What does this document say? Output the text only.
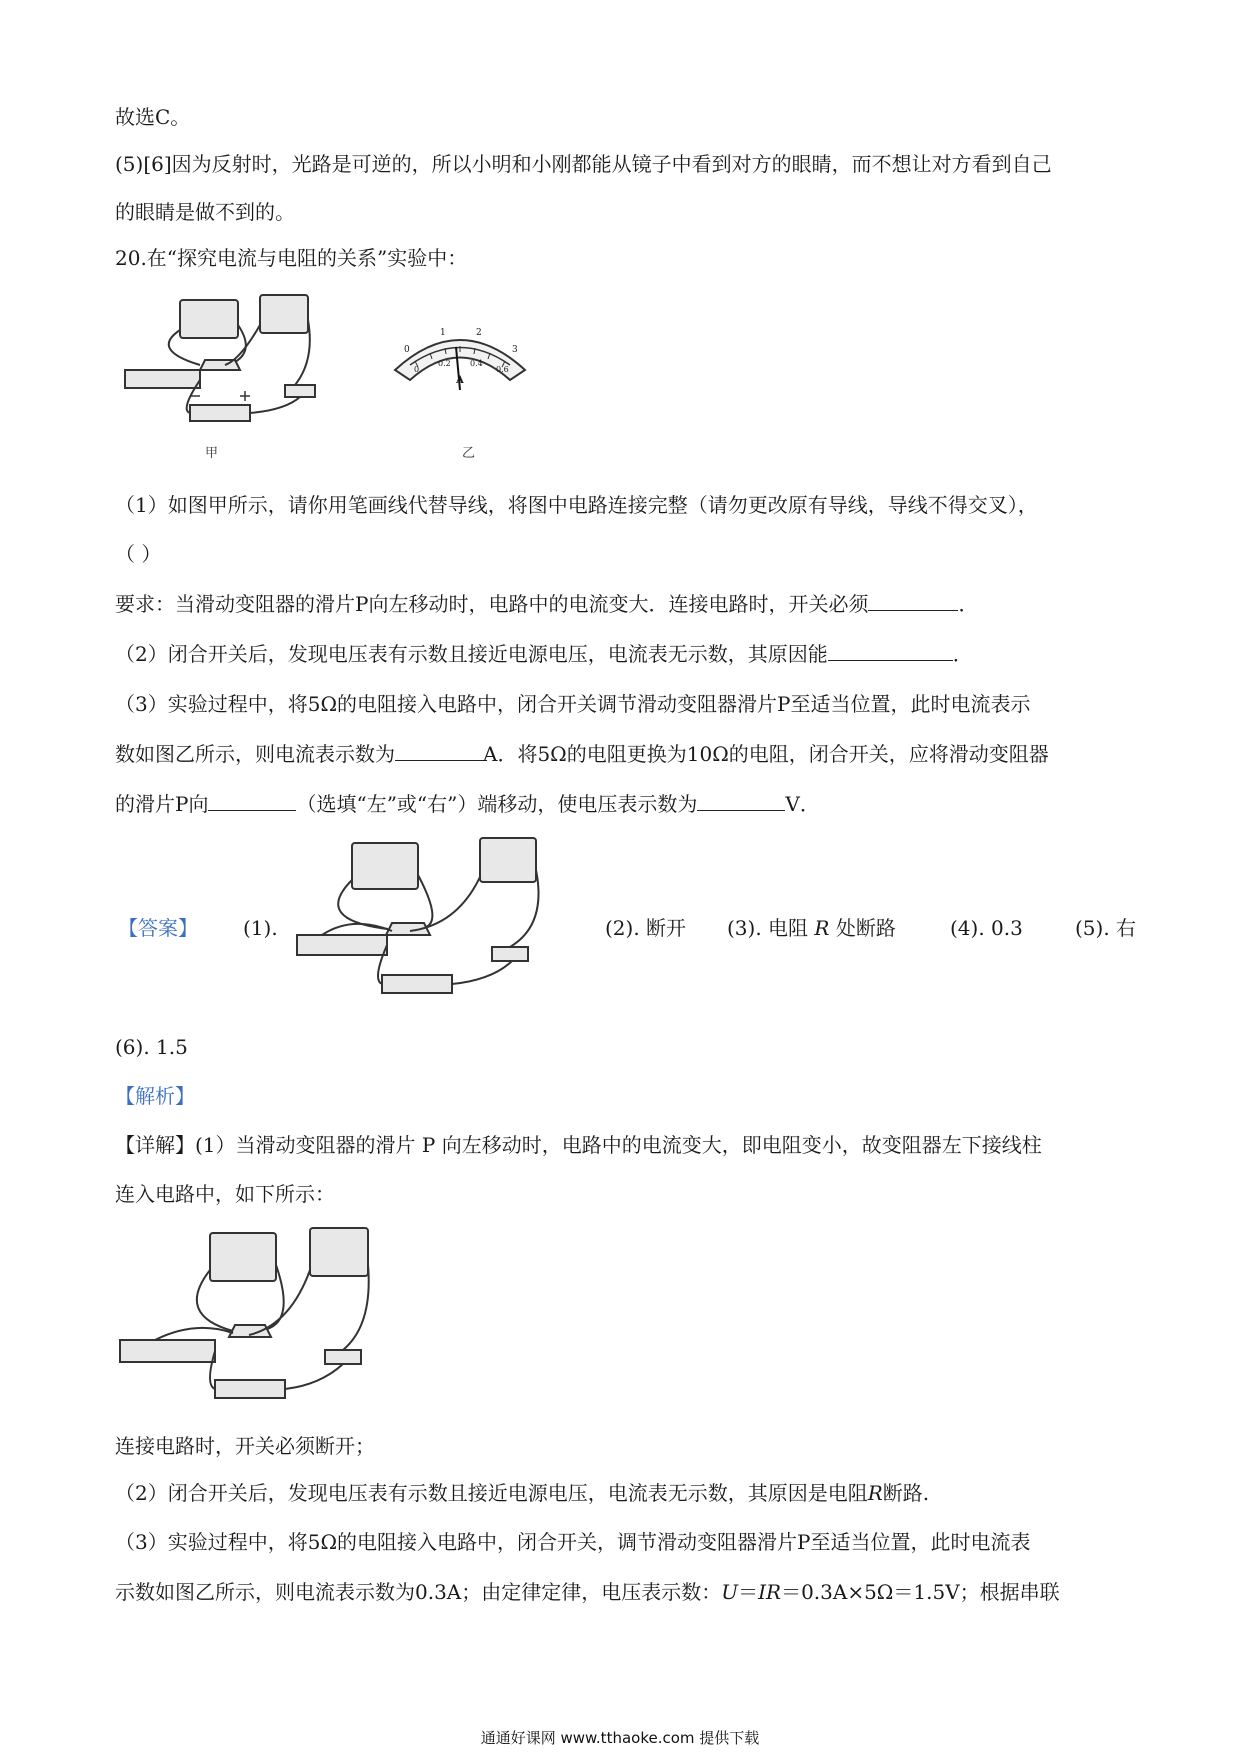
故选C。
(5)[6]因为反射时，光路是可逆的，所以小明和小刚都能从镜子中看到对方的眼睛，而不想让对方看到自己
的眼睛是做不到的。
20.在“探究电流与电阻的关系”实验中：
甲
0
1	2
3
0
0.2 0.4
0.6
A
乙
（1）如图甲所示，请你用笔画线代替导线，将图中电路连接完整（请勿更改原有导线，导线不得交叉），
（ ）
要求：当滑动变阻器的滑片P向左移动时，电路中的电流变大．连接电路时，开关必须	．
（2）闭合开关后，发现电压表有示数且接近电源电压，电流表无示数，其原因能	．
（3）实验过程中，将5Ω的电阻接入电路中，闭合开关调节滑动变阻器滑片P至适当位置，此时电流表示
数如图乙所示，则电流表示数为	A．将5Ω的电阻更换为10Ω的电阻，闭合开关，应将滑动变阻器
的滑片P向	（选填“左”或“右”）端移动，使电压表示数为	V．
【答案】 (1).	(2). 断开 (3). 电阻 R 处断路	(4). 0.3	(5). 右
(6). 1.5
【解析】
【详解】(1）当滑动变阻器的滑片 P 向左移动时，电路中的电流变大，即电阻变小，故变阻器左下接线柱
连入电路中，如下所示：
连接电路时，开关必须断开；
（2）闭合开关后，发现电压表有示数且接近电源电压，电流表无示数，其原因是电阻R断路.
（3）实验过程中，将5Ω的电阻接入电路中，闭合开关，调节滑动变阻器滑片P至适当位置，此时电流表
示数如图乙所示，则电流表示数为0.3A；由定律定律，电压表示数：U＝IR＝0.3A×5Ω＝1.5V；根据串联
通通好课网 www.tthaoke.com 提供下载
